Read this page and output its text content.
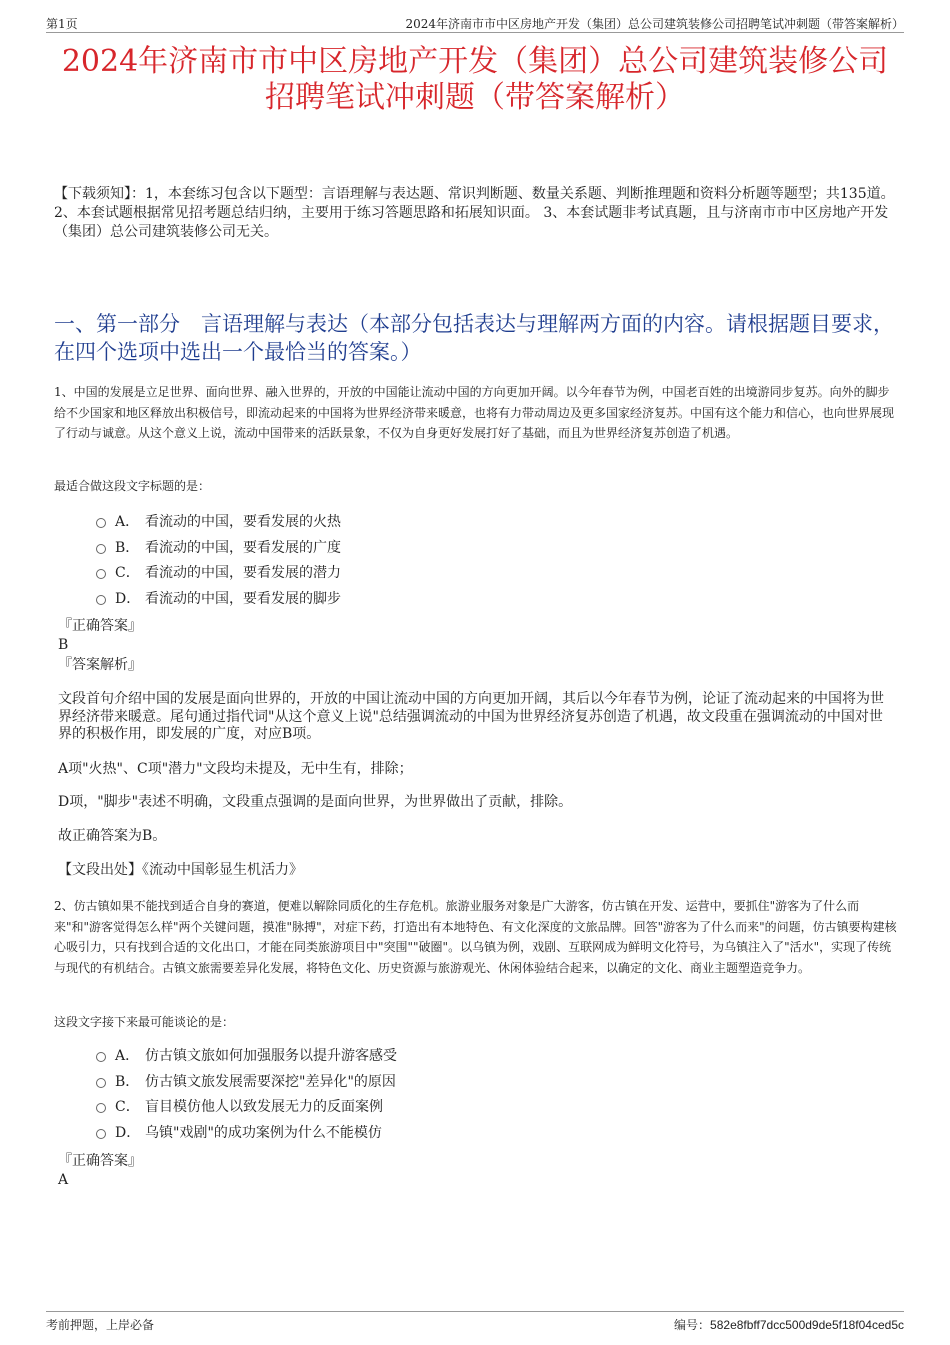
第1页	2024年济南市市中区房地产开发（集团）总公司建筑装修公司招聘笔试冲刺题（带答案解析）
2024年济南市市中区房地产开发（集团）总公司建筑装修公司
招聘笔试冲刺题（带答案解析）
【下载须知】：1，本套练习包含以下题型：言语理解与表达题、常识判断题、数量关系题、判断推理题和资料分析题等题型；共135道。 2、本套试题根据常见招考题总结归纳，主要用于练习答题思路和拓展知识面。 3、本套试题非考试真题，且与济南市市中区房地产开发（集团）总公司建筑装修公司无关。
一、第一部分　言语理解与表达（本部分包括表达与理解两方面的内容。请根据题目要求，在四个选项中选出一个最恰当的答案。）
1、中国的发展是立足世界、面向世界、融入世界的，开放的中国能让流动中国的方向更加开阔。以今年春节为例，中国老百姓的出境游同步复苏。向外的脚步给不少国家和地区释放出积极信号，即流动起来的中国将为世界经济带来暖意，也将有力带动周边及更多国家经济复苏。中国有这个能力和信心，也向世界展现了行动与诚意。从这个意义上说，流动中国带来的活跃景象，不仅为自身更好发展打好了基础，而且为世界经济复苏创造了机遇。
最适合做这段文字标题的是：
A． 看流动的中国，要看发展的火热
B． 看流动的中国，要看发展的广度
C． 看流动的中国，要看发展的潜力
D． 看流动的中国，要看发展的脚步
『正确答案』
B
『答案解析』
文段首句介绍中国的发展是面向世界的，开放的中国让流动中国的方向更加开阔，其后以今年春节为例，论证了流动起来的中国将为世界经济带来暖意。尾句通过指代词"从这个意义上说"总结强调流动的中国为世界经济复苏创造了机遇，故文段重在强调流动的中国对世界的积极作用，即发展的广度，对应B项。
A项"火热"、C项"潜力"文段均未提及，无中生有，排除；
D项，"脚步"表述不明确，文段重点强调的是面向世界，为世界做出了贡献，排除。
故正确答案为B。
【文段出处】《流动中国彰显生机活力》
2、仿古镇如果不能找到适合自身的赛道，便难以解除同质化的生存危机。旅游业服务对象是广大游客，仿古镇在开发、运营中，要抓住"游客为了什么而来"和"游客觉得怎么样"两个关键问题，摸准"脉搏"，对症下药，打造出有本地特色、有文化深度的文旅品牌。回答"游客为了什么而来"的问题，仿古镇要构建核心吸引力，只有找到合适的文化出口，才能在同类旅游项目中"突围""破圈"。以乌镇为例，戏剧、互联网成为鲜明文化符号，为乌镇注入了"活水"，实现了传统与现代的有机结合。古镇文旅需要差异化发展，将特色文化、历史资源与旅游观光、休闲体验结合起来，以确定的文化、商业主题塑造竞争力。
这段文字接下来最可能谈论的是：
A． 仿古镇文旅如何加强服务以提升游客感受
B． 仿古镇文旅发展需要深挖"差异化"的原因
C． 盲目模仿他人以致发展无力的反面案例
D． 乌镇"戏剧"的成功案例为什么不能模仿
『正确答案』
A
考前押题，上岸必备	编号：582e8fbff7dcc500d9de5f18f04ced5c
